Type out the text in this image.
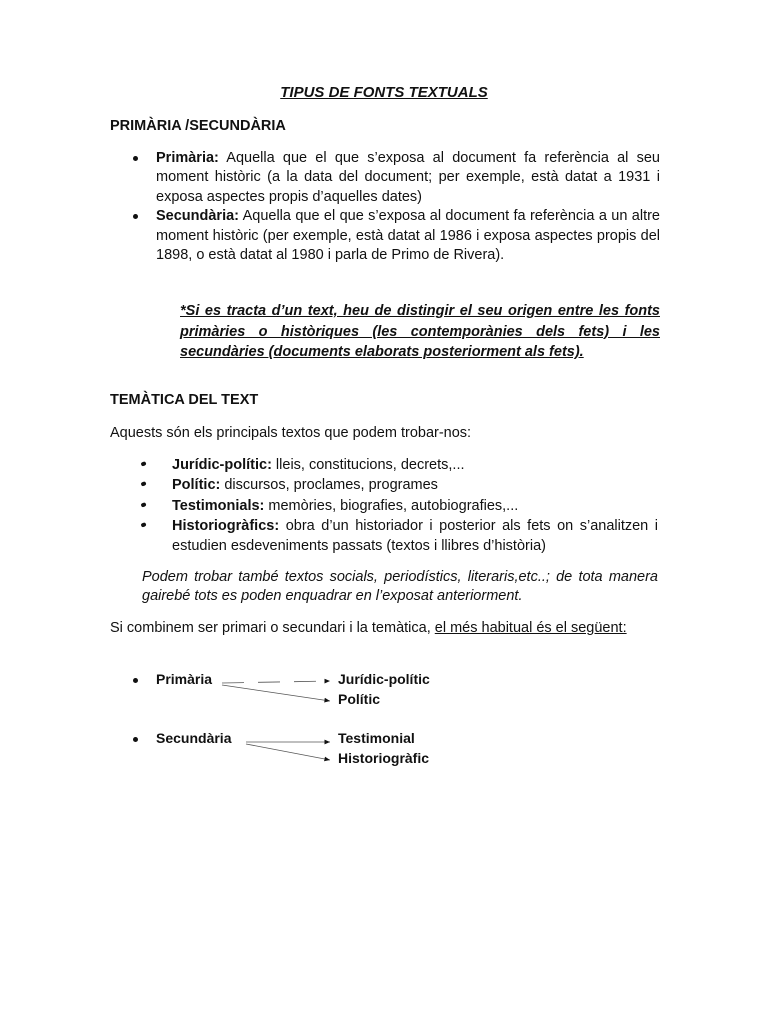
TIPUS DE FONTS TEXTUALS
PRIMÀRIA /SECUNDÀRIA
Primària: Aquella que el que s’exposa al document fa referència al seu moment històric (a la data del document; per exemple, està datat a 1931 i exposa aspectes propis d’aquelles dates)
Secundària: Aquella que el que s’exposa al document fa referència a un altre moment històric (per exemple, està datat al 1986 i exposa aspectes propis del 1898, o està datat al 1980 i parla de Primo de Rivera).
*Si es tracta d’un text, heu de distingir el seu origen entre les fonts primàries o històriques (les contemporànies dels fets) i les secundàries (documents elaborats posteriorment als fets).
TEMÀTICA DEL TEXT
Aquests són els principals textos que podem trobar-nos:
Jurídic-polític: lleis, constitucions, decrets,...
Polític: discursos, proclames, programes
Testimonials: memòries, biografies, autobiografies,...
Historiogràfics: obra d’un historiador i posterior als fets on s’analitzen i estudien esdeveniments passats (textos i llibres d’història)
Podem trobar també textos socials, periodístics, literaris,etc..; de tota manera gairebé tots es poden enquadrar en l’exposat anteriorment.
Si combinem ser primari o secundari i la temàtica, el més habitual és el següent:
Primària	Jurídic-polític
Polític
Secundària	Testimonial
Historiogràfic
